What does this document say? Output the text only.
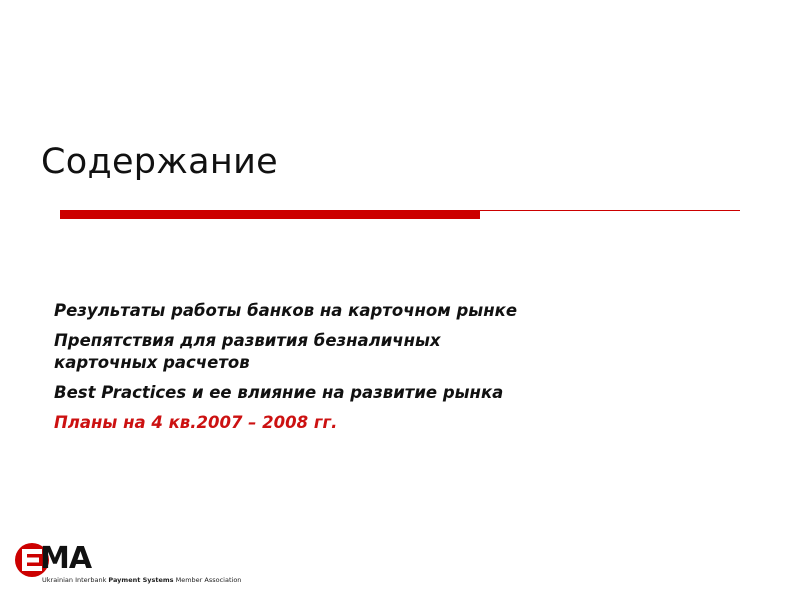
Содержание
Результаты работы банков на карточном рынке
Препятствия для развития безналичных карточных расчетов
Best Practices и ее влияние на развитие рынка
Планы на 4 кв.2007 – 2008 гг.
MA
Ukrainian Interbank Payment Systems Member Association
